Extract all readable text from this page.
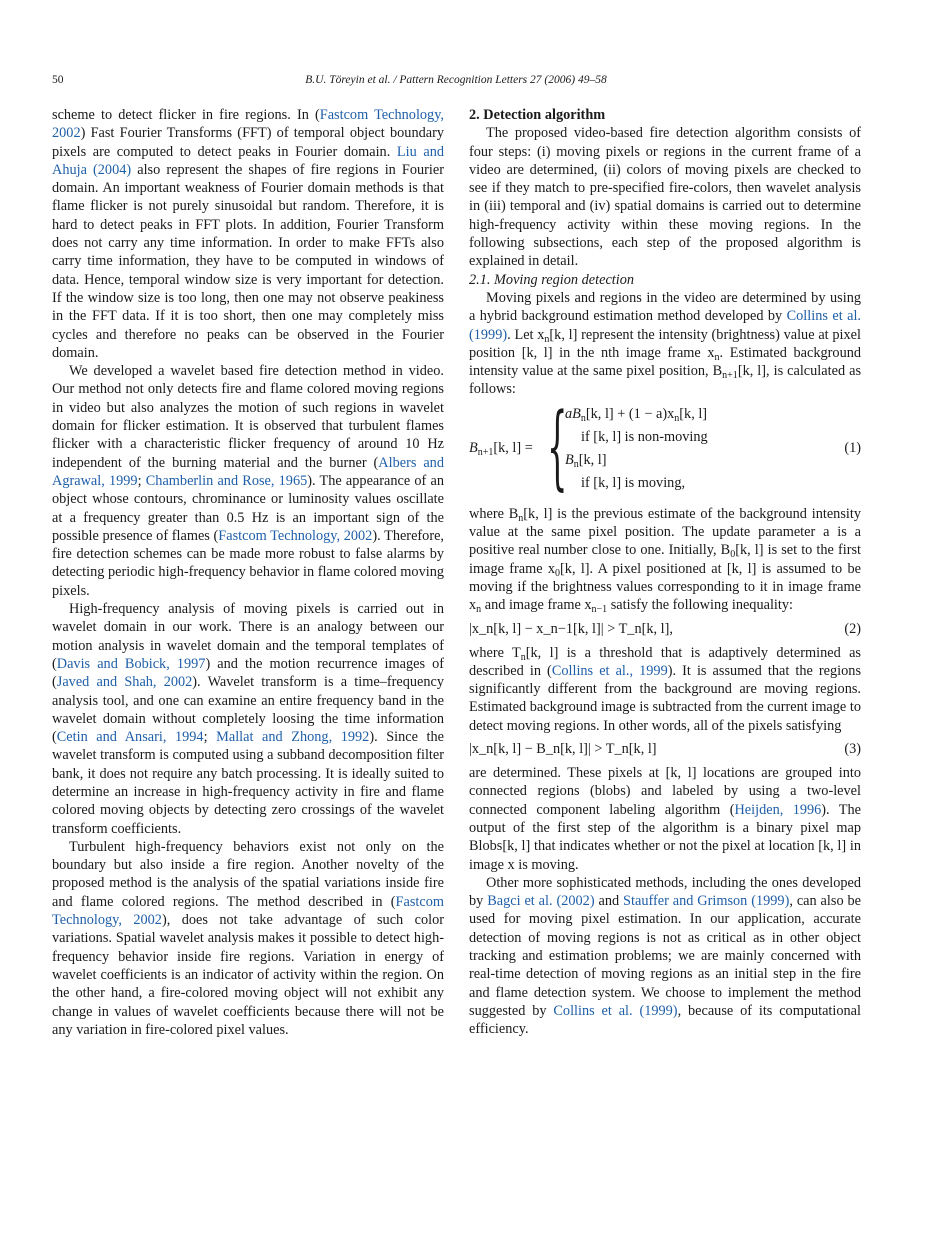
50	B.U. Töreyin et al. / Pattern Recognition Letters 27 (2006) 49–58

scheme to detect flicker in fire regions. In (Fastcom Technology, 2002) Fast Fourier Transforms (FFT) of temporal object boundary pixels are computed to detect peaks in Fourier domain. Liu and Ahuja (2004) also represent the shapes of fire regions in Fourier domain. An important weakness of Fourier domain methods is that flame flicker is not purely sinusoidal but random. Therefore, it is hard to detect peaks in FFT plots. In addition, Fourier Transform does not carry any time information. In order to make FFTs also carry time information, they have to be computed in windows of data. Hence, temporal window size is very important for detection. If the window size is too long, then one may not observe peakiness in the FFT data. If it is too short, then one may completely miss cycles and therefore no peaks can be observed in the Fourier domain.

We developed a wavelet based fire detection method in video. Our method not only detects fire and flame colored moving regions in video but also analyzes the motion of such regions in wavelet domain for flicker estimation. It is observed that turbulent flames flicker with a characteristic flicker frequency of around 10 Hz independent of the burning material and the burner (Albers and Agrawal, 1999; Chamberlin and Rose, 1965). The appearance of an object whose contours, chrominance or luminosity values oscillate at a frequency greater than 0.5 Hz is an important sign of the possible presence of flames (Fastcom Technology, 2002). Therefore, fire detection schemes can be made more robust to false alarms by detecting periodic high-frequency behavior in flame colored moving pixels.

High-frequency analysis of moving pixels is carried out in wavelet domain in our work. There is an analogy between our motion analysis in wavelet domain and the temporal templates of (Davis and Bobick, 1997) and the motion recurrence images of (Javed and Shah, 2002). Wavelet transform is a time–frequency analysis tool, and one can examine an entire frequency band in the wavelet domain without completely loosing the time information (Cetin and Ansari, 1994; Mallat and Zhong, 1992). Since the wavelet transform is computed using a subband decomposition filter bank, it does not require any batch processing. It is ideally suited to determine an increase in high-frequency activity in fire and flame colored moving objects by detecting zero crossings of the wavelet transform coefficients.

Turbulent high-frequency behaviors exist not only on the boundary but also inside a fire region. Another novelty of the proposed method is the analysis of the spatial variations inside fire and flame colored regions. The method described in (Fastcom Technology, 2002), does not take advantage of such color variations. Spatial wavelet analysis makes it possible to detect high-frequency behavior inside fire regions. Variation in energy of wavelet coefficients is an indicator of activity within the region. On the other hand, a fire-colored moving object will not exhibit any change in values of wavelet coefficients because there will not be any variation in fire-colored pixel values.

2. Detection algorithm

The proposed video-based fire detection algorithm consists of four steps: (i) moving pixels or regions in the current frame of a video are determined, (ii) colors of moving pixels are checked to see if they match to pre-specified fire-colors, then wavelet analysis in (iii) temporal and (iv) spatial domains is carried out to determine high-frequency activity within these moving regions. In the following subsections, each step of the proposed algorithm is explained in detail.

2.1. Moving region detection

Moving pixels and regions in the video are determined by using a hybrid background estimation method developed by Collins et al. (1999). Let $x_n[k$, l] represent the intensity (brightness) value at pixel position [k, l] in the nth image frame $x_n$. Estimated background intensity value at the same pixel position, $B_{n+1}[k$, l], is calculated as follows:

$B_{n+1}[k$, l] = {
$aB_n[k$, $l] + (1 - a)x_n[k$, l]
if [k, l] is non-moving
$B_n[k$, l]
if [k, l] is moving,
(1)

where $B_n[k$, l] is the previous estimate of the background intensity value at the same pixel position. The update parameter a is a positive real number close to one. Initially, $B_0[k$, l] is set to the first image frame $x_0[k$, l]. A pixel positioned at [k, l] is assumed to be moving if the brightness values corresponding to it in image frame $x_n$ and image frame $x_{n-1}$ satisfy the following inequality:

|x_n[k, l] − x_n−1[k, l]| > T_n[k, l],	(2)

where $T_n[k$, l] is a threshold that is adaptively determined as described in (Collins et al., 1999). It is assumed that the regions significantly different from the background are moving regions. Estimated background image is subtracted from the current image to detect moving regions. In other words, all of the pixels satisfying

|x_n[k, l] − B_n[k, l]| > T_n[k, l]	(3)

are determined. These pixels at [k, l] locations are grouped into connected regions (blobs) and labeled by using a two-level connected component labeling algorithm (Heijden, 1996). The output of the first step of the algorithm is a binary pixel map Blobs[k, l] that indicates whether or not the pixel at location [k, l] in image x is moving.

Other more sophisticated methods, including the ones developed by Bagci et al. (2002) and Stauffer and Grimson (1999), can also be used for moving pixel estimation. In our application, accurate detection of moving regions is not as critical as in other object tracking and estimation problems; we are mainly concerned with real-time detection of moving regions as an initial step in the fire and flame detection system. We choose to implement the method suggested by Collins et al. (1999), because of its computational efficiency.
